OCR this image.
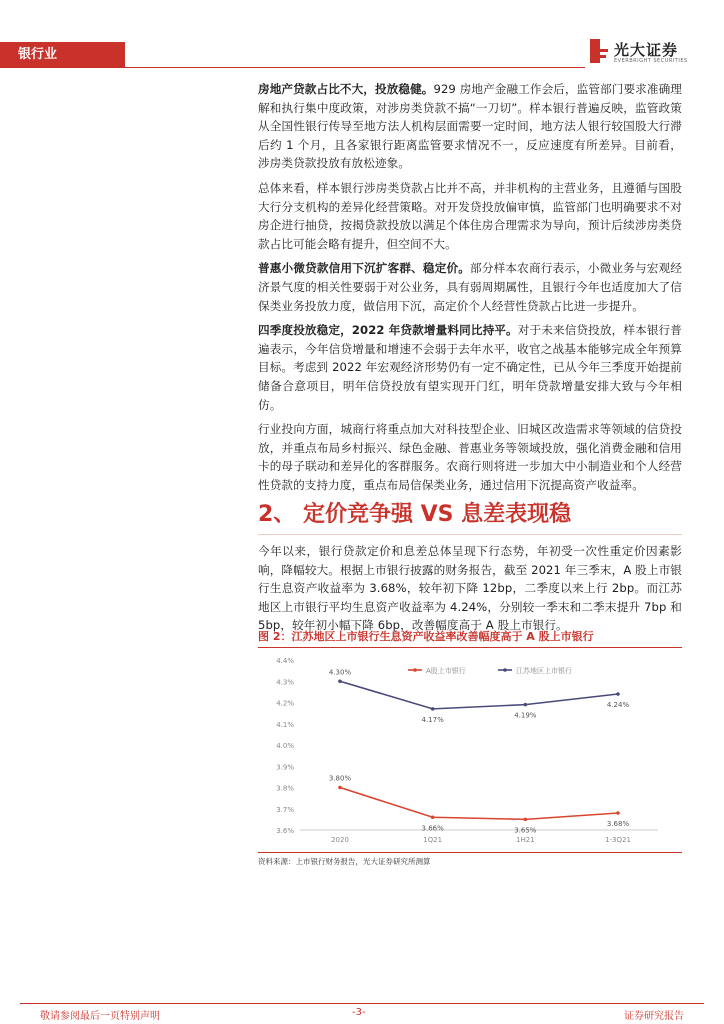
银行业	光大证券
EVERBRIGHT SECURITIES

房地产贷款占比不大，投放稳健。929 房地产金融工作会后，监管部门要求准确理解和执行集中度政策，对涉房类贷款不搞“一刀切”。样本银行普遍反映，监管政策从全国性银行传导至地方法人机构层面需要一定时间，地方法人银行较国股大行滞后约 1 个月，且各家银行距离监管要求情况不一，反应速度有所差异。目前看，涉房类贷款投放有放松迹象。

总体来看，样本银行涉房类贷款占比并不高，并非机构的主营业务，且遵循与国股大行分支机构的差异化经营策略。对开发贷投放偏审慎，监管部门也明确要求不对房企进行抽贷，按揭贷款投放以满足个体住房合理需求为导向，预计后续涉房类贷款占比可能会略有提升，但空间不大。

普惠小微贷款信用下沉扩客群、稳定价。部分样本农商行表示，小微业务与宏观经济景气度的相关性要弱于对公业务，具有弱周期属性，且银行今年也适度加大了信保类业务投放力度，做信用下沉，高定价个人经营性贷款占比进一步提升。

四季度投放稳定，2022 年贷款增量料同比持平。对于未来信贷投放，样本银行普遍表示，今年信贷增量和增速不会弱于去年水平，收官之战基本能够完成全年预算目标。考虑到 2022 年宏观经济形势仍有一定不确定性，已从今年三季度开始提前储备合意项目，明年信贷投放有望实现开门红，明年贷款增量安排大致与今年相仿。

行业投向方面，城商行将重点加大对科技型企业、旧城区改造需求等领域的信贷投放，并重点布局乡村振兴、绿色金融、普惠业务等领域投放，强化消费金融和信用卡的母子联动和差异化的客群服务。农商行则将进一步加大中小制造业和个人经营性贷款的支持力度，重点布局信保类业务，通过信用下沉提高资产收益率。

2、 定价竞争强 VS 息差表现稳

今年以来，银行贷款定价和息差总体呈现下行态势，年初受一次性重定价因素影响，降幅较大。根据上市银行披露的财务报告，截至 2021 年三季末，A 股上市银行生息资产收益率为 3.68%，较年初下降 12bp，二季度以来上行 2bp。而江苏地区上市银行平均生息资产收益率为 4.24%，分别较一季末和二季末提升 7bp 和 5bp，较年初小幅下降 6bp，改善幅度高于 A 股上市银行。

图 2：江苏地区上市银行生息资产收益率改善幅度高于 A 股上市银行
4.4%
4.3%
4.2%
4.1%
4.0%
3.9%
3.8%
3.7%
3.6%
2020	1Q21	1H21	1-3Q21
3.80%
3.66%	3.65%
3.68%
4.30%
4.17%
4.19%
4.24%
A股上市银行	江苏地区上市银行
资料来源：上市银行财务报告，光大证券研究所测算
敬请参阅最后一页特别声明	-3-	证券研究报告
